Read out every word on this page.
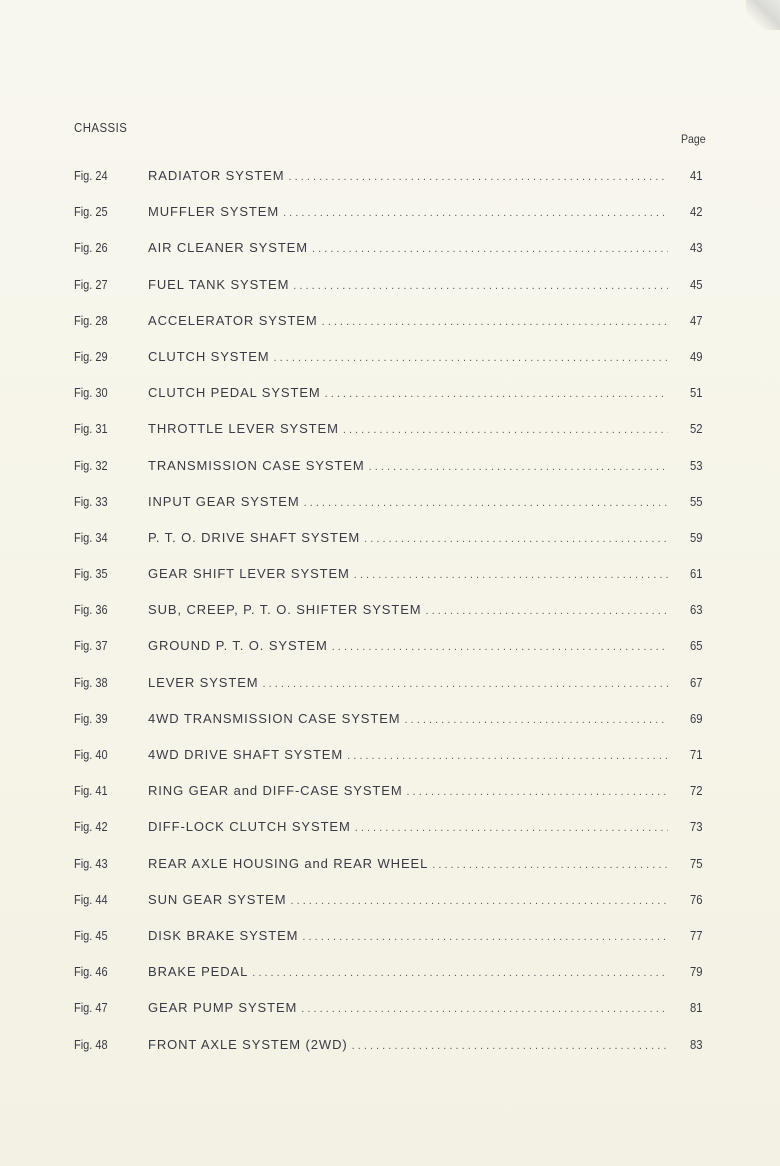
CHASSIS
Page
Fig. 24	RADIATOR SYSTEM . . .	41
Fig. 25	MUFFLER SYSTEM . . .	42
Fig. 26	AIR CLEANER SYSTEM . . .	43
Fig. 27	FUEL TANK SYSTEM . . .	45
Fig. 28	ACCELERATOR SYSTEM . . .	47
Fig. 29	CLUTCH SYSTEM . . .	49
Fig. 30	CLUTCH PEDAL SYSTEM . . .	51
Fig. 31	THROTTLE LEVER SYSTEM . . .	52
Fig. 32	TRANSMISSION CASE SYSTEM . . .	53
Fig. 33	INPUT GEAR SYSTEM . . .	55
Fig. 34	P. T. O. DRIVE SHAFT SYSTEM . . .	59
Fig. 35	GEAR SHIFT LEVER SYSTEM . . .	61
Fig. 36	SUB, CREEP, P. T. O. SHIFTER SYSTEM . . .	63
Fig. 37	GROUND P. T. O. SYSTEM . . .	65
Fig. 38	LEVER SYSTEM . . .	67
Fig. 39	4WD TRANSMISSION CASE SYSTEM . . .	69
Fig. 40	4WD DRIVE SHAFT SYSTEM . . .	71
Fig. 41	RING GEAR and DIFF-CASE SYSTEM . . .	72
Fig. 42	DIFF-LOCK CLUTCH SYSTEM . . .	73
Fig. 43	REAR AXLE HOUSING and REAR WHEEL . . .	75
Fig. 44	SUN GEAR SYSTEM . . .	76
Fig. 45	DISK BRAKE SYSTEM . . .	77
Fig. 46	BRAKE PEDAL . . .	79
Fig. 47	GEAR PUMP SYSTEM . . .	81
Fig. 48	FRONT AXLE SYSTEM (2WD) . . .	83
